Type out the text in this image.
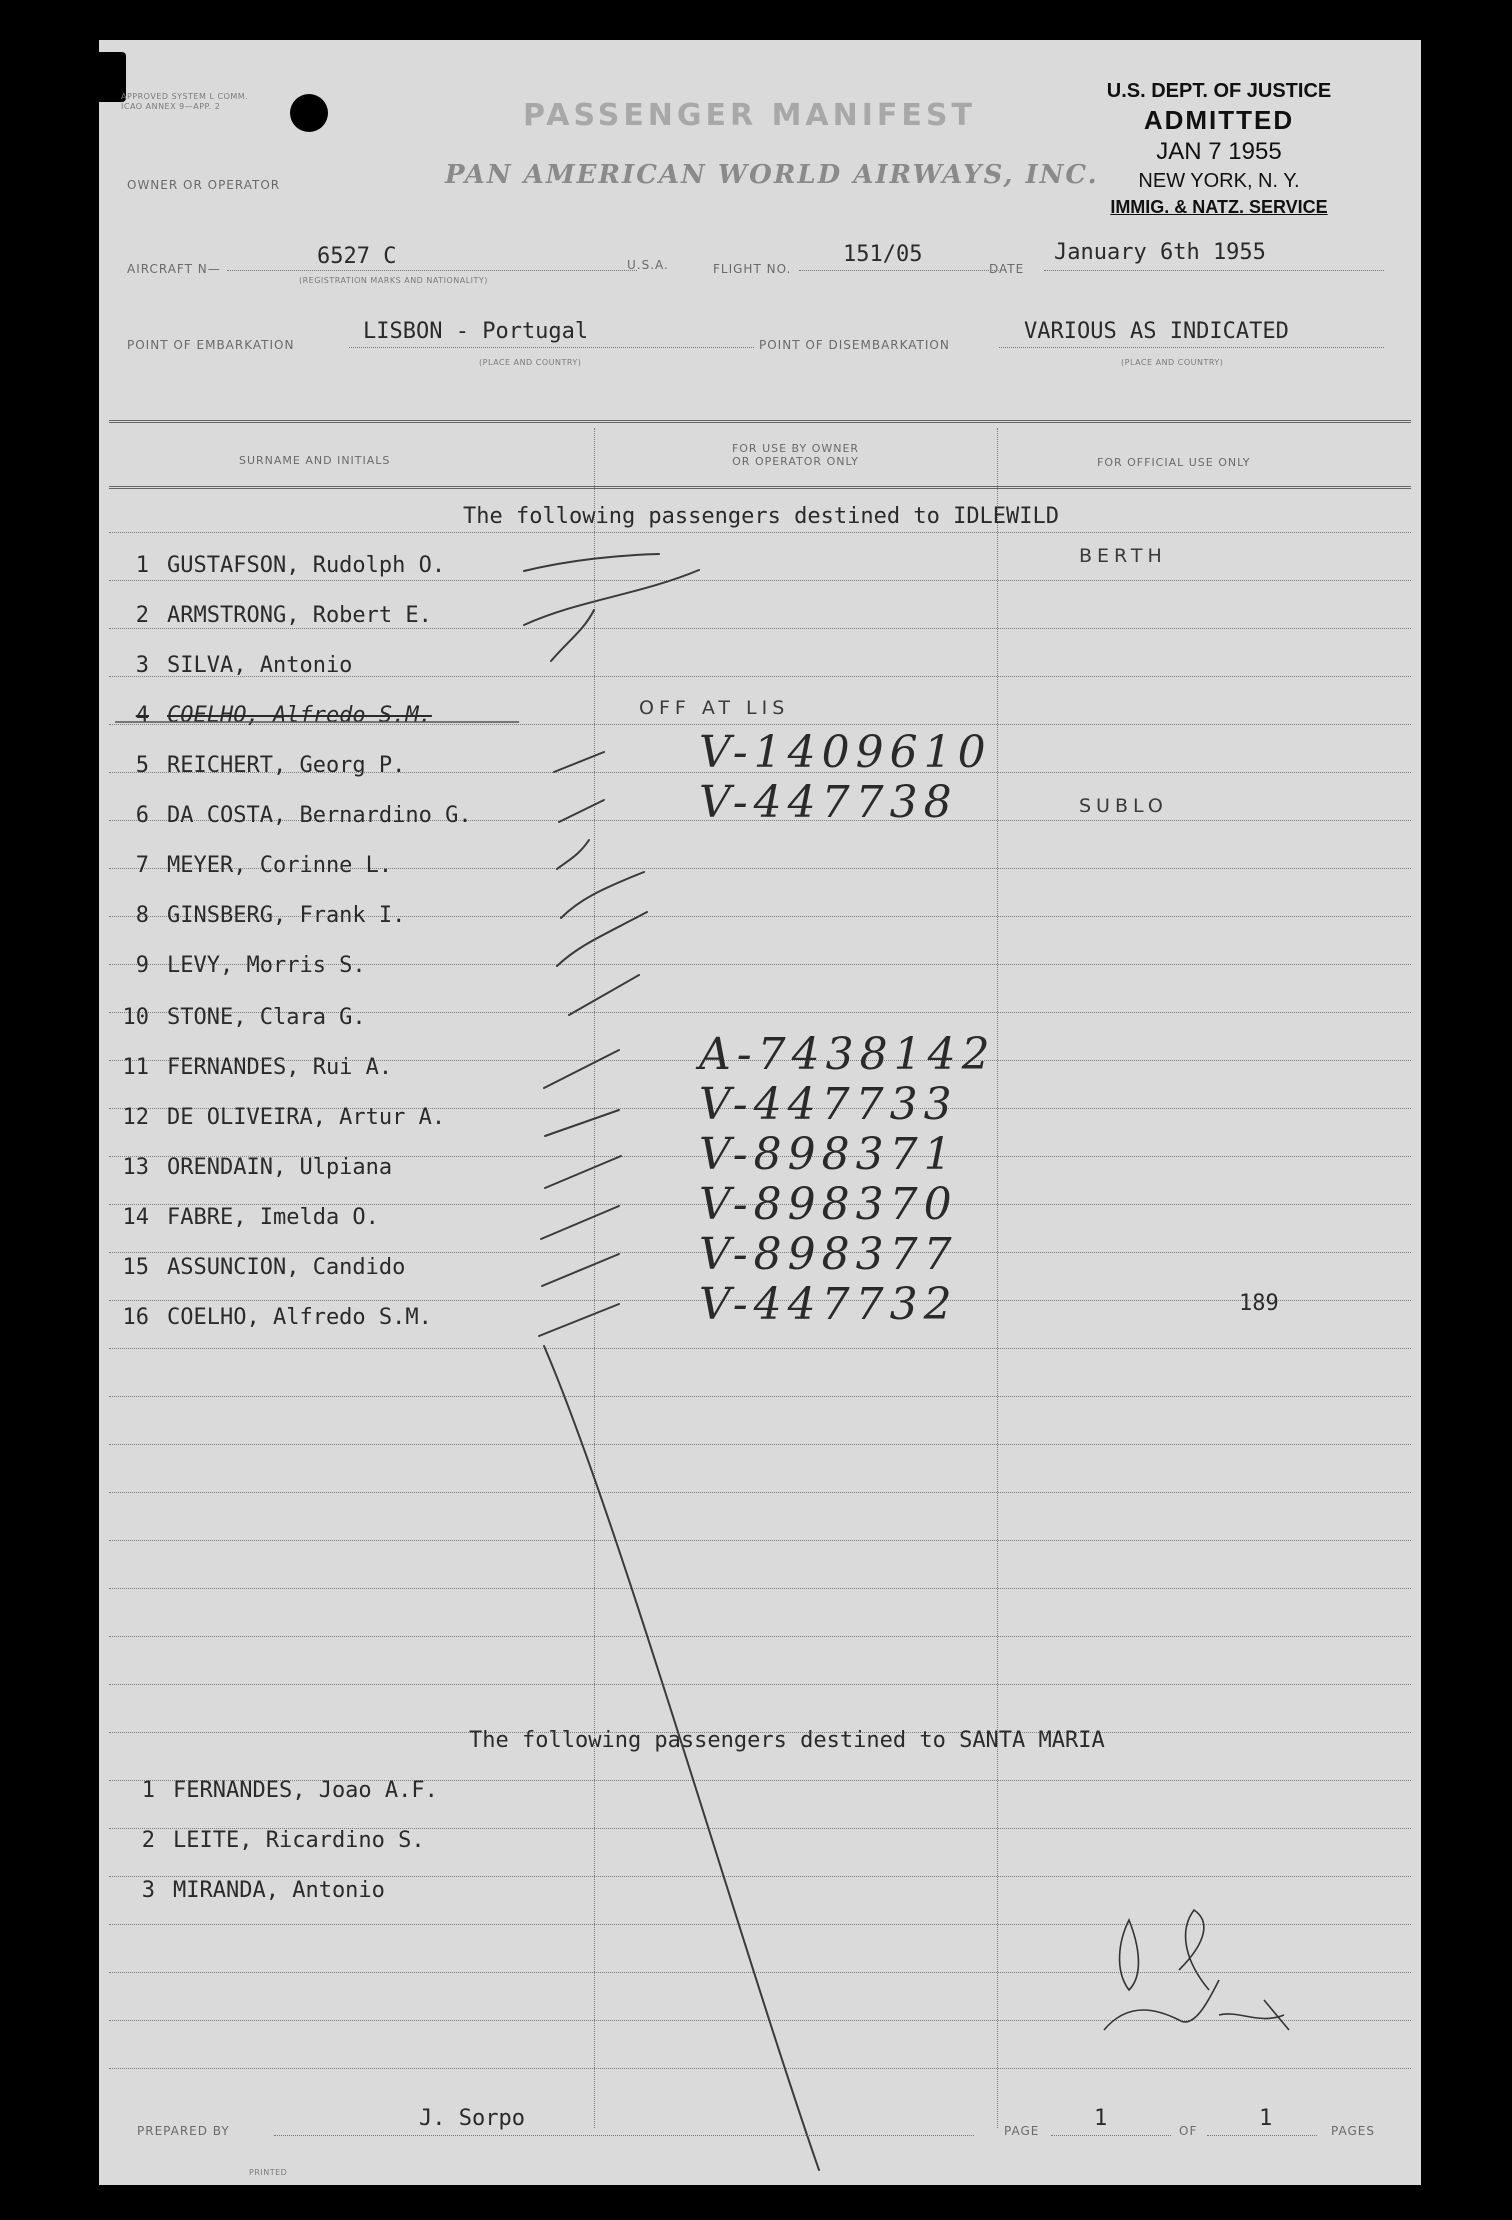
APPROVED SYSTEM L COMM. ICAO ANNEX 9—APP. 2	PASSENGER MANIFEST
OWNER OR OPERATOR	PAN AMERICAN WORLD AIRWAYS, INC.
U.S. DEPT. OF JUSTICE
ADMITTED
JAN 7 1955
NEW YORK, N. Y.
IMMIG. & NATZ. SERVICE
AIRCRAFT N—	6527 C
(REGISTRATION MARKS AND NATIONALITY)
U.S.A.	FLIGHT NO.
151/05
DATE
January 6th 1955
POINT OF EMBARKATION
LISBON - Portugal
(PLACE AND COUNTRY)
POINT OF DISEMBARKATION
VARIOUS AS INDICATED
(PLACE AND COUNTRY)
SURNAME AND INITIALS
FOR USE BY OWNER
OR OPERATOR ONLY	FOR OFFICIAL USE ONLY
The following passengers destined to IDLEWILD
1 GUSTAFSON, Rudolph O.	BERTH
2 ARMSTRONG, Robert E.
3 SILVA, Antonio
4 COELHO, Alfredo S.M.	OFF AT LIS
5 REICHERT, Georg P.	V-1409610
6 DA COSTA, Bernardino G.	V-447738	SUBLO
7 MEYER, Corinne L.
8 GINSBERG, Frank I.
9 LEVY, Morris S.
10 STONE, Clara G.
11 FERNANDES, Rui A.	A-7438142
12 DE OLIVEIRA, Artur A.	V-447733
13 ORENDAIN, Ulpiana	V-898371
14 FABRE, Imelda O.	V-898370
15 ASSUNCION, Candido	V-898377
16 COELHO, Alfredo S.M.	V-447732	189
The following passengers destined to SANTA MARIA
1 FERNANDES, Joao A.F.
2 LEITE, Ricardino S.
3 MIRANDA, Antonio
PREPARED BY	J. Sorpo	PAGE 1	OF	1	PAGES
PRINTED
